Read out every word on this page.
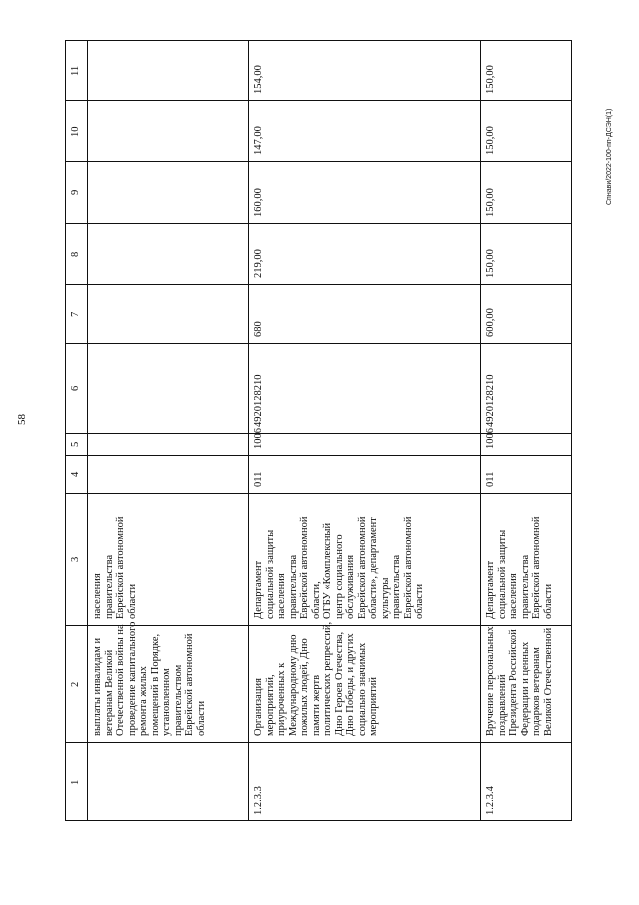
58
Спнави/2022-100-пп-ДСЭН(1)
1
2
3
4
5
6
7
8
9
10
11
выплаты инвалидам и ветеранам Великой Отечественной войны на проведение капитального ремонта жилых помещений в Порядке, установленном правительством Еврейской автономной области
населения правительства Еврейской автономной области
1.2.3.3
011
1006
4920128210
680
219,00
160,00
147,00
154,00
Организация мероприятий, приуроченных к Международному дню пожилых людей, Дню памяти жертв политических репрессий, Дню Героев Отечества, Дню Победы, и других социально значимых мероприятий
Департамент социальной защиты населения правительства Еврейской автономной области, ОГБУ «Комплексный центр социального обслуживания Еврейской автономной области», департамент культуры правительства Еврейской автономной области
1.2.3.4
011
1006
4920128210
600,00
150,00
150,00
150,00
150,00
Вручение персональных поздравлений Президента Российской Федерации и ценных подарков ветеранам Великой Отечественной
Департамент социальной защиты населения правительства Еврейской автономной области
